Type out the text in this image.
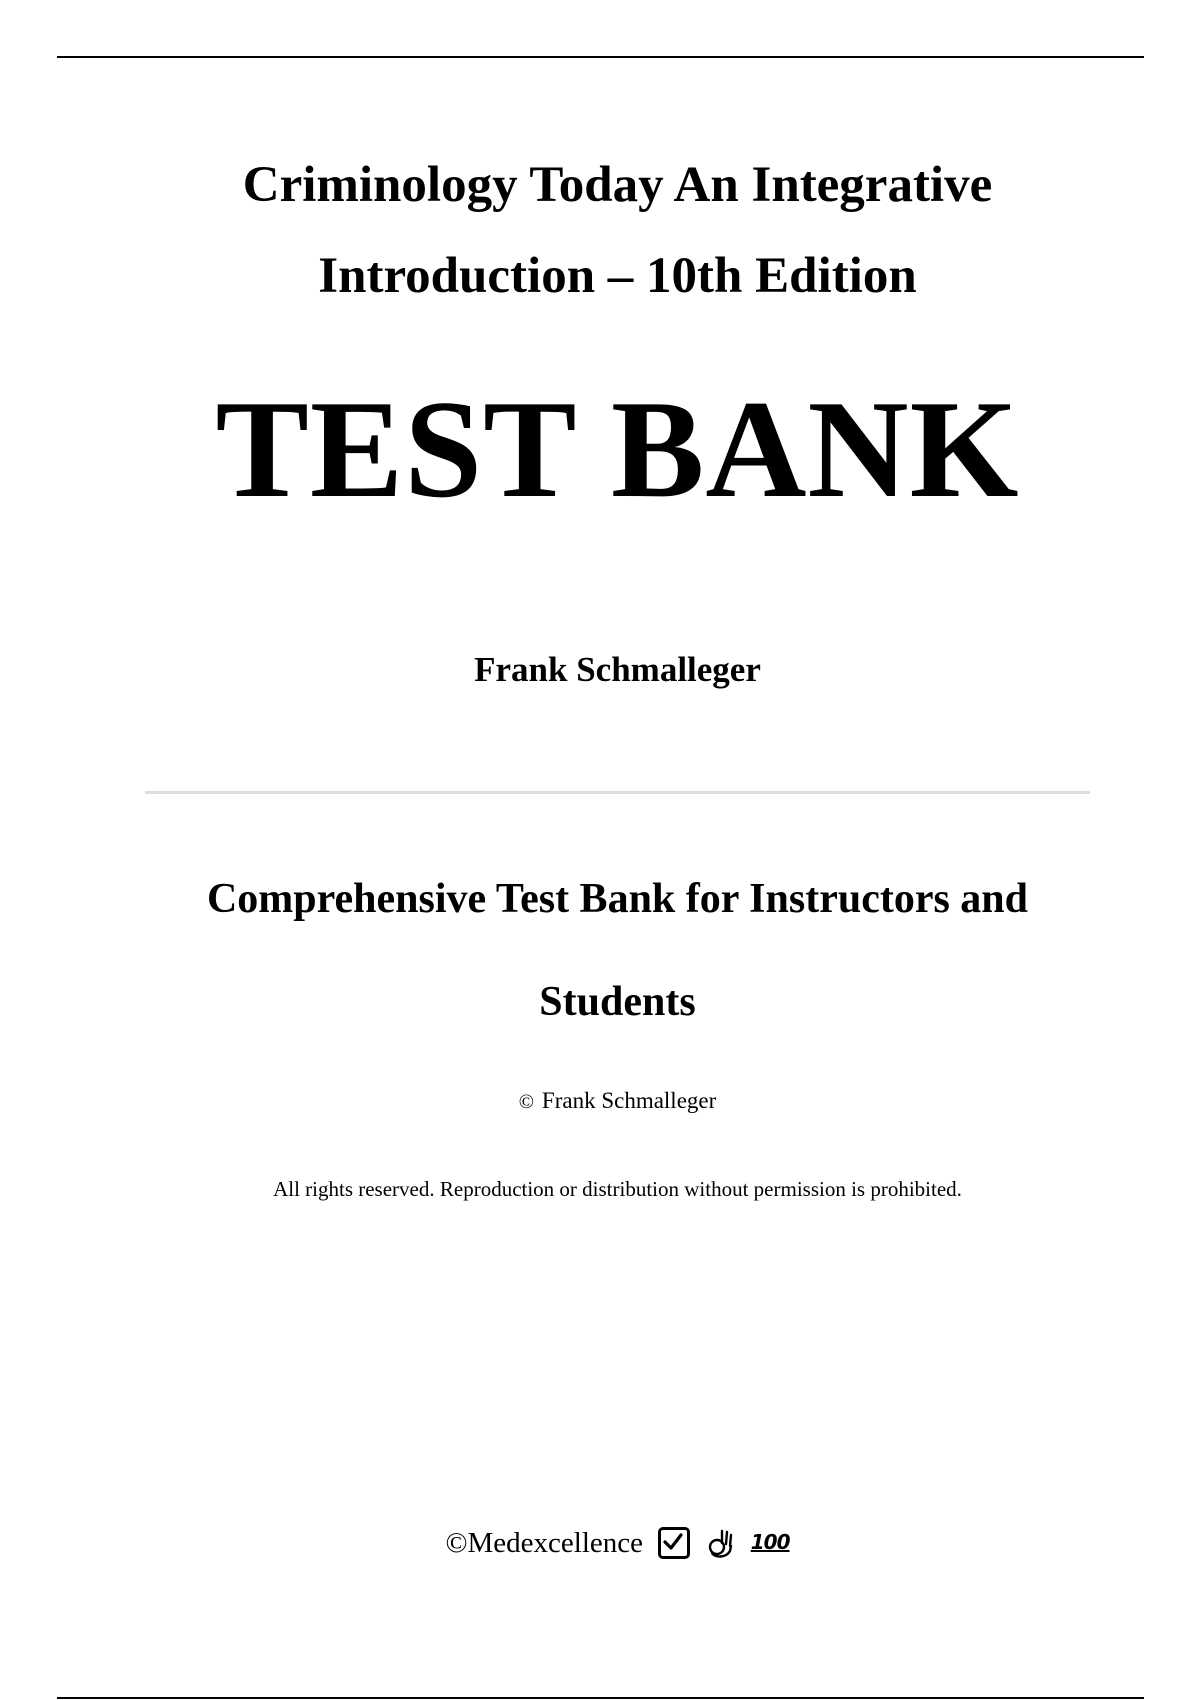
Criminology Today An Integrative
Introduction – 10th Edition
TEST BANK
Frank Schmalleger
Comprehensive Test Bank for Instructors and
Students
© Frank Schmalleger
All rights reserved. Reproduction or distribution without permission is prohibited.
©Medexcellence	100
